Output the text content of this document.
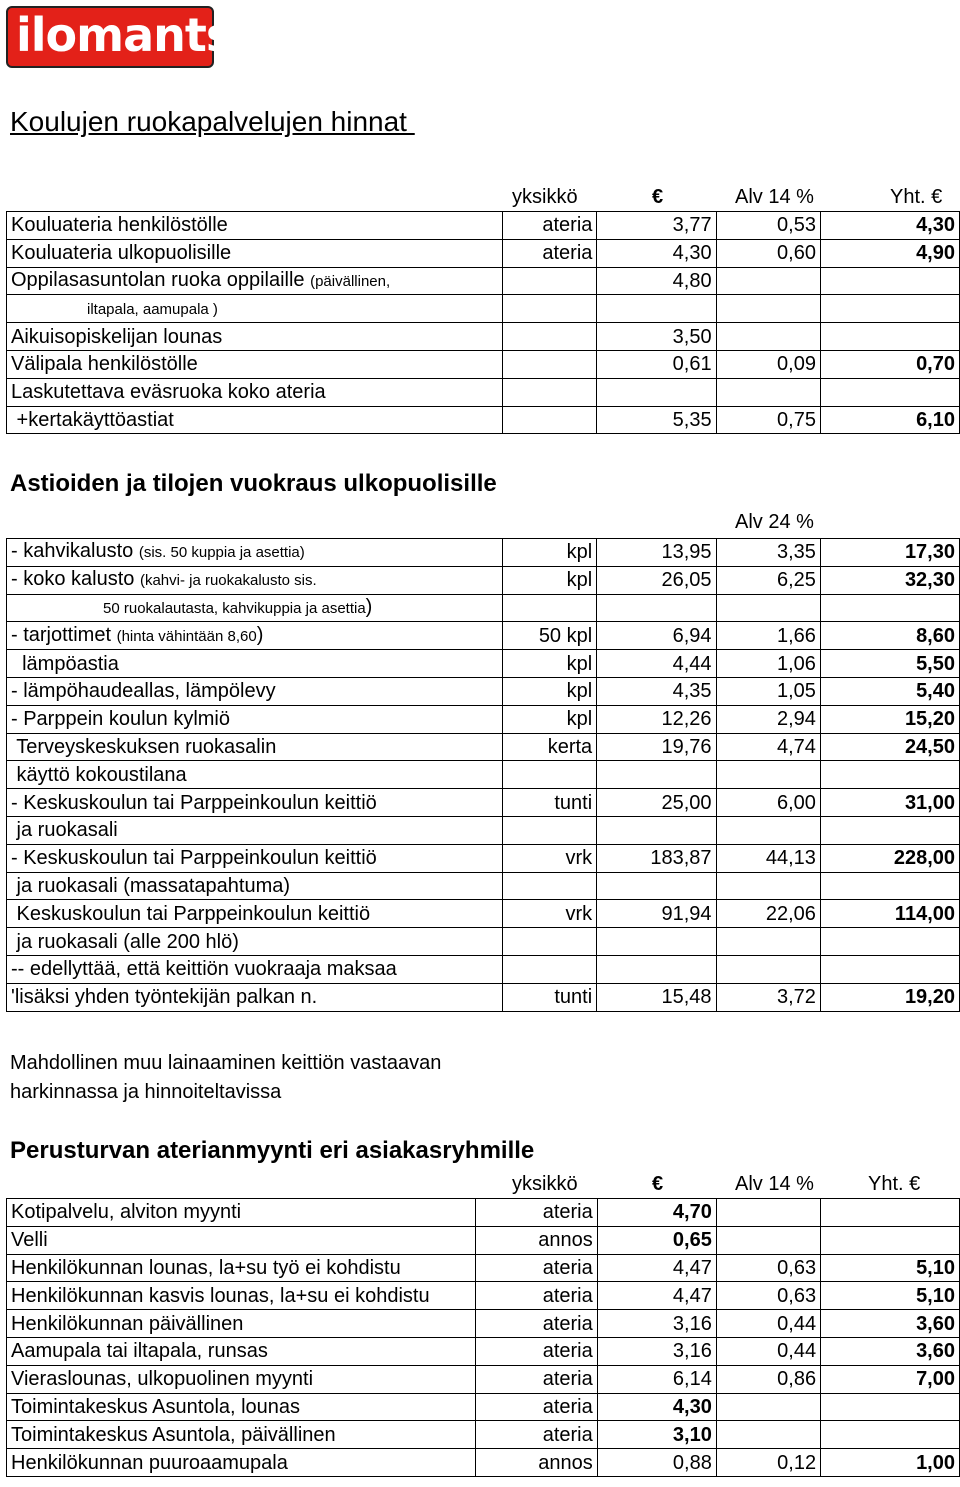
ilomantsi
Koulujen ruokapalvelujen hinnat
yksikkö	€	Alv 14 %	Yht. €
Kouluateria henkilöstölle	ateria	3,77	0,53	4,30
Kouluateria ulkopuolisille	ateria	4,30	0,60	4,90
Oppilasasuntolan ruoka oppilaille (päivällinen,		4,80		
iltapala, aamupala )				
Aikuisopiskelijan lounas		3,50		
Välipala henkilöstölle		0,61	0,09	0,70
Laskutettava eväsruoka koko ateria				
+kertakäyttöastiat		5,35	0,75	6,10
Astioiden ja tilojen vuokraus ulkopuolisille
Alv 24 %
- kahvikalusto (sis. 50 kuppia ja asettia)	kpl	13,95	3,35	17,30
- koko kalusto (kahvi- ja ruokakalusto sis.	kpl	26,05	6,25	32,30
50 ruokalautasta, kahvikuppia ja asettia)				
- tarjottimet (hinta vähintään 8,60)	50 kpl	6,94	1,66	8,60
lämpöastia	kpl	4,44	1,06	5,50
- lämpöhaudeallas, lämpölevy	kpl	4,35	1,05	5,40
- Parppein koulun kylmiö	kpl	12,26	2,94	15,20
Terveyskeskuksen ruokasalin	kerta	19,76	4,74	24,50
käyttö kokoustilana				
- Keskuskoulun tai Parppeinkoulun keittiö	tunti	25,00	6,00	31,00
ja ruokasali				
- Keskuskoulun tai Parppeinkoulun keittiö	vrk	183,87	44,13	228,00
ja ruokasali (massatapahtuma)				
Keskuskoulun tai Parppeinkoulun keittiö	vrk	91,94	22,06	114,00
ja ruokasali (alle 200 hlö)				
-- edellyttää, että keittiön vuokraaja maksaa				
'lisäksi yhden työntekijän palkan n.	tunti	15,48	3,72	19,20
Mahdollinen muu lainaaminen keittiön vastaavan
harkinnassa ja hinnoiteltavissa
Perusturvan aterianmyynti eri asiakasryhmille
yksikkö	€	Alv 14 %	Yht. €
Kotipalvelu, alviton myynti	ateria	4,70		
Velli	annos	0,65		
Henkilökunnan lounas, la+su työ ei kohdistu	ateria	4,47	0,63	5,10
Henkilökunnan kasvis lounas, la+su ei kohdistu	ateria	4,47	0,63	5,10
Henkilökunnan päivällinen	ateria	3,16	0,44	3,60
Aamupala tai iltapala, runsas	ateria	3,16	0,44	3,60
Vieraslounas, ulkopuolinen myynti	ateria	6,14	0,86	7,00
Toimintakeskus Asuntola, lounas	ateria	4,30		
Toimintakeskus Asuntola, päivällinen	ateria	3,10		
Henkilökunnan puuroaamupala	annos	0,88	0,12	1,00
